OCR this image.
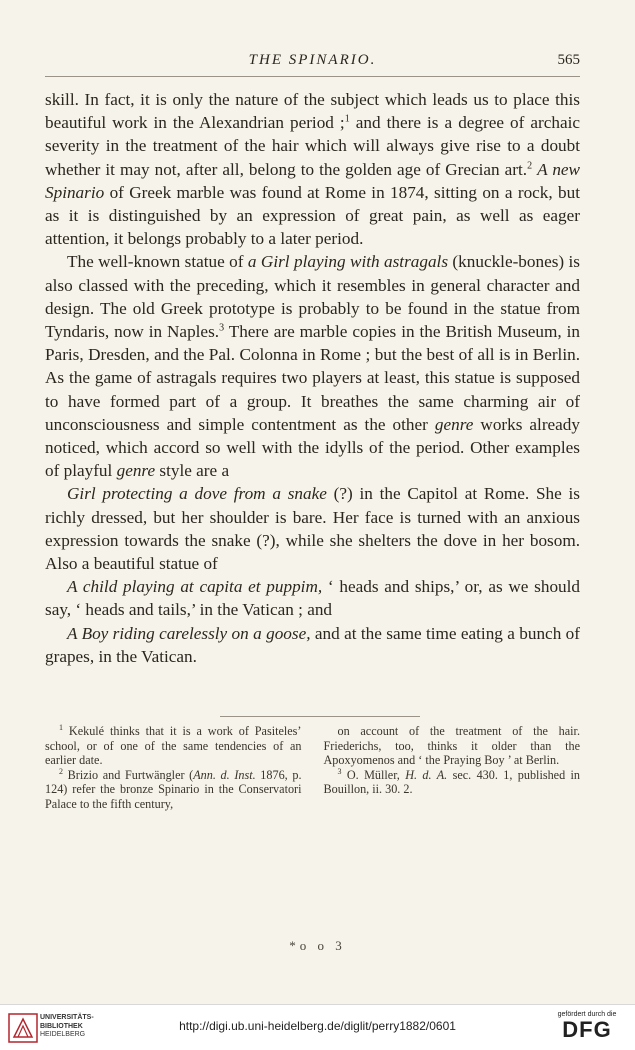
THE SPINARIO.	565

skill. In fact, it is only the nature of the subject which leads us to place this beautiful work in the Alexandrian period ;$^1$ and there is a degree of archaic severity in the treatment of the hair which will always give rise to a doubt whether it may not, after all, belong to the golden age of Grecian art.$^2$ A new Spinario of Greek marble was found at Rome in 1874, sitting on a rock, but as it is distinguished by an expression of great pain, as well as eager attention, it belongs probably to a later period.

The well-known statue of a Girl playing with astragals (knuckle-bones) is also classed with the preceding, which it resembles in general character and design. The old Greek prototype is probably to be found in the statue from Tyndaris, now in Naples.$^3$ There are marble copies in the British Museum, in Paris, Dresden, and the Pal. Colonna in Rome ; but the best of all is in Berlin. As the game of astragals requires two players at least, this statue is supposed to have formed part of a group. It breathes the same charming air of unconsciousness and simple contentment as the other genre works already noticed, which accord so well with the idylls of the period. Other examples of playful genre style are a

Girl protecting a dove from a snake (?) in the Capitol at Rome. She is richly dressed, but her shoulder is bare. Her face is turned with an anxious expression towards the snake (?), while she shelters the dove in her bosom. Also a beautiful statue of

A child playing at capita et puppim, ‘ heads and ships,’ or, as we should say, ‘ heads and tails,’ in the Vatican ; and

A Boy riding carelessly on a goose, and at the same time eating a bunch of grapes, in the Vatican.

$^1$ Kekulé thinks that it is a work of Pasiteles’ school, or of one of the same tendencies of an earlier date.

$^2$ Brizio and Furtwängler (Ann. d. Inst. 1876, p. 124) refer the bronze Spinario in the Conservatori Palace to the fifth century,

on account of the treatment of the hair. Friederichs, too, thinks it older than the Apoxyomenos and ‘ the Praying Boy ’ at Berlin.

$^3$ O. Müller, H. d. A. sec. 430. 1, published in Bouillon, ii. 30. 2.

*o o 3
UNIVERSITÄTS-
BIBLIOTHEK
HEIDELBERG
http://digi.ub.uni-heidelberg.de/diglit/perry1882/0601
gefördert durch die
DFG
